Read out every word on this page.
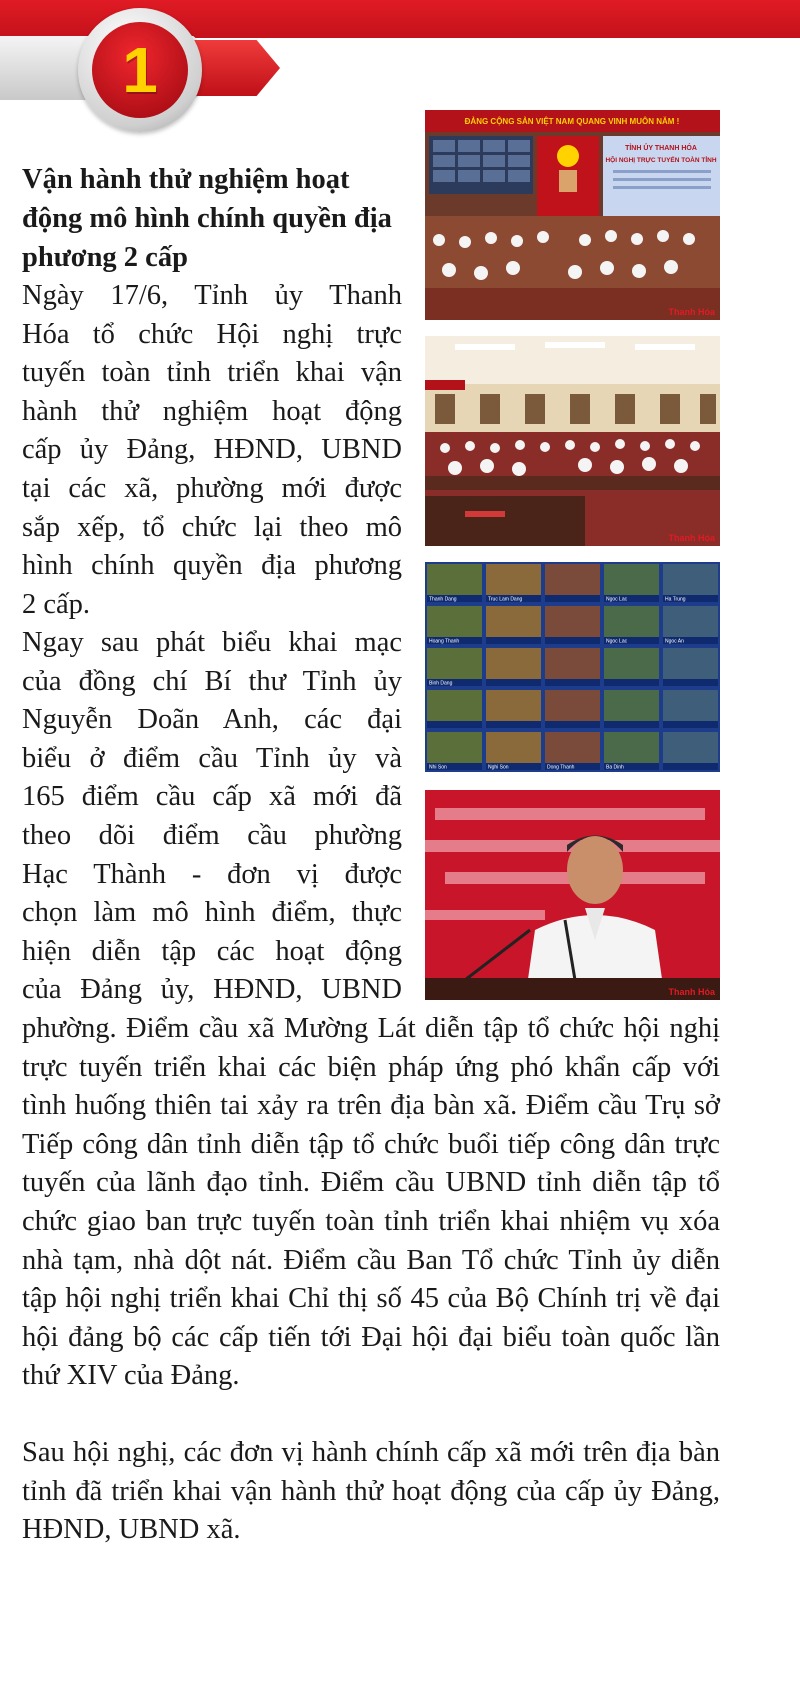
1
Vận hành thử nghiệm hoạt động mô hình chính quyền địa phương 2 cấp
Ngày 17/6, Tỉnh ủy Thanh
Hóa tổ chức Hội nghị trực
tuyến toàn tỉnh triển khai vận
hành thử nghiệm hoạt động
cấp ủy Đảng, HĐND, UBND
tại các xã, phường mới được
sắp xếp, tổ chức lại theo mô
hình chính quyền địa phương
2 cấp.
Ngay sau phát biểu khai mạc
của đồng chí Bí thư Tỉnh ủy
Nguyễn Doãn Anh, các đại
biểu ở điểm cầu Tỉnh ủy và
165 điểm cầu cấp xã mới đã
theo dõi điểm cầu phường
Hạc Thành - đơn vị được
chọn làm mô hình điểm, thực
hiện diễn tập các hoạt động
của Đảng ủy, HĐND, UBND

phường. Điểm cầu xã Mường Lát diễn tập tổ chức hội nghị trực tuyến triển khai các biện pháp ứng phó khẩn cấp với tình huống thiên tai xảy ra trên địa bàn xã. Điểm cầu Trụ sở Tiếp công dân tỉnh diễn tập tổ chức buổi tiếp công dân trực tuyến của lãnh đạo tỉnh. Điểm cầu UBND tỉnh diễn tập tổ chức giao ban trực tuyến toàn tỉnh triển khai nhiệm vụ xóa nhà tạm, nhà dột nát. Điểm cầu Ban Tổ chức Tỉnh ủy diễn tập hội nghị triển khai Chỉ thị số 45 của Bộ Chính trị về đại hội đảng bộ các cấp tiến tới Đại hội đại biểu toàn quốc lần thứ XIV của Đảng.

Sau hội nghị, các đơn vị hành chính cấp xã mới trên địa bàn tỉnh đã triển khai vận hành thử hoạt động của cấp ủy Đảng, HĐND, UBND xã.

ĐẢNG CỘNG SẢN VIỆT NAM QUANG VINH MUÔN NĂM !
TỈNH ỦY THANH HÓA
HỘI NGHỊ TRỰC TUYẾN TOÀN TỈNH
Thanh Hóa
Thanh Hóa
Thanh Dang	Truc Lam Dang	Ngoc Lac	Ha Trung
Hoang Thanh	Ngoc Lac	Ngoc An
Binh Dang
Nhi Son	Nghi Son	Dong Thanh	Ba Dinh
Thanh Hóa
